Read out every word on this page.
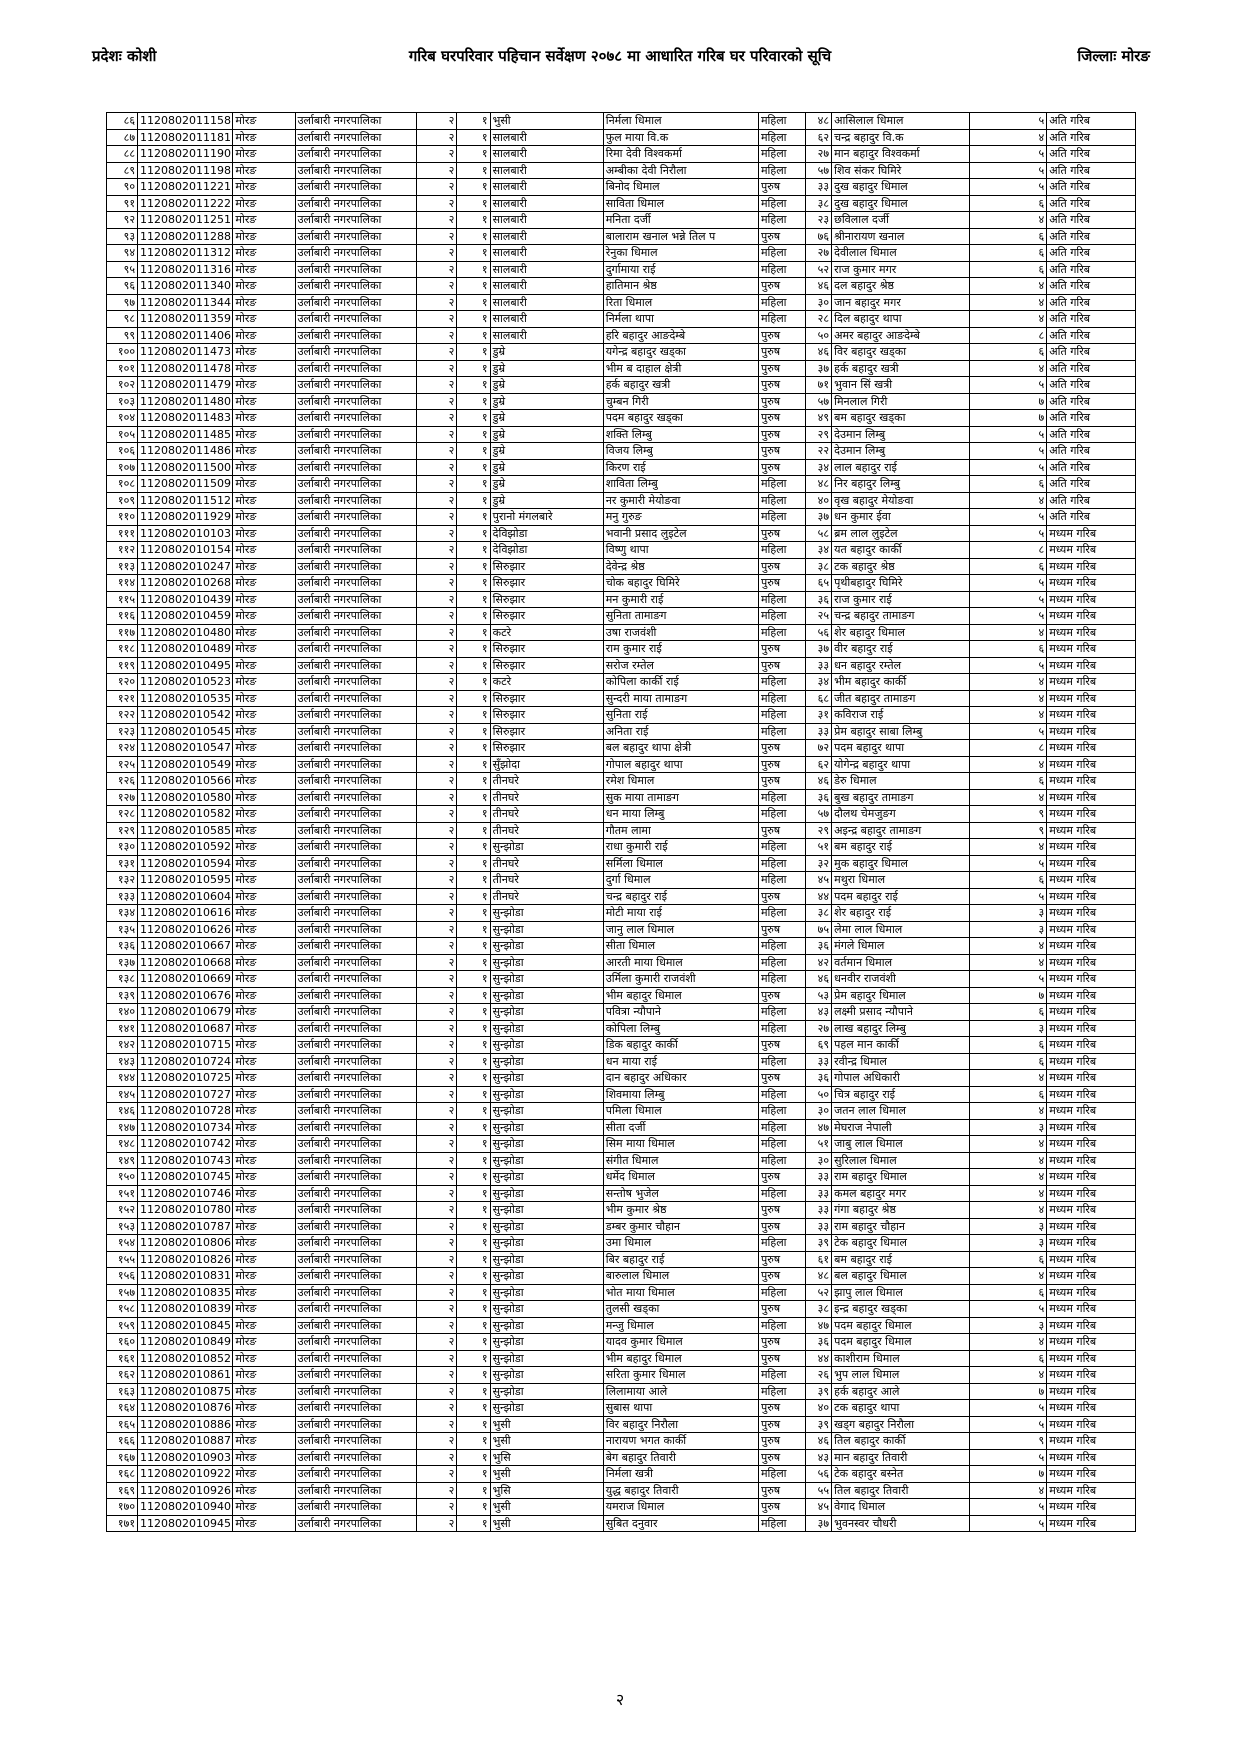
गरिब घरपरिवार पहिचान सर्वेक्षण २०७८ मा आधारित गरिब घर परिवारको सूचि
प्रदेशः कोशी	जिल्लाः मोरङ
८६	1120802011158	मोरङ	उर्लाबारी नगरपालिका	२	१	भुसी	निर्मला धिमाल	महिला	४८	आसिलाल धिमाल	५	अति गरिब
८७	1120802011181	मोरङ	उर्लाबारी नगरपालिका	२	१	सालबारी	फुल माया वि.क	महिला	६२	चन्द्र बहादुर वि.क	४	अति गरिब
८८	1120802011190	मोरङ	उर्लाबारी नगरपालिका	२	१	सालबारी	रिमा देवी विश्वकर्मा	महिला	२७	मान बहादुर विश्वकर्मा	५	अति गरिब
८९	1120802011198	मोरङ	उर्लाबारी नगरपालिका	२	१	सालबारी	अम्बीका देवी निरौला	महिला	५७	शिव संकर घिमिरे	५	अति गरिब
९०	1120802011221	मोरङ	उर्लाबारी नगरपालिका	२	१	सालबारी	बिनोद धिमाल	पुरुष	३३	दुख बहादुर धिमाल	५	अति गरिब
९१	1120802011222	मोरङ	उर्लाबारी नगरपालिका	२	१	सालबारी	साविता धिमाल	महिला	३८	दुख बहादुर धिमाल	६	अति गरिब
९२	1120802011251	मोरङ	उर्लाबारी नगरपालिका	२	१	सालबारी	मनिता दर्जी	महिला	२३	छविलाल दर्जी	४	अति गरिब
९३	1120802011288	मोरङ	उर्लाबारी नगरपालिका	२	१	सालबारी	बालाराम खनाल भन्ने तिल प	पुरुष	७६	श्रीनारायण खनाल	६	अति गरिब
९४	1120802011312	मोरङ	उर्लाबारी नगरपालिका	२	१	सालबारी	रेनुका धिमाल	महिला	२७	देवीलाल धिमाल	६	अति गरिब
९५	1120802011316	मोरङ	उर्लाबारी नगरपालिका	२	१	सालबारी	दुर्गामाया राई	महिला	५२	राज कुमार मगर	६	अति गरिब
९६	1120802011340	मोरङ	उर्लाबारी नगरपालिका	२	१	सालबारी	हातिमान श्रेष्ठ	पुरुष	४६	दल बहादुर श्रेष्ठ	४	अति गरिब
९७	1120802011344	मोरङ	उर्लाबारी नगरपालिका	२	१	सालबारी	रिता धिमाल	महिला	३०	जान बहादुर मगर	४	अति गरिब
९८	1120802011359	मोरङ	उर्लाबारी नगरपालिका	२	१	सालबारी	निर्मला थापा	महिला	२८	दिल बहादुर थापा	४	अति गरिब
९९	1120802011406	मोरङ	उर्लाबारी नगरपालिका	२	१	सालबारी	हरि बहादुर आङदेम्बे	पुरुष	५०	अमर बहादुर आङदेम्बे	८	अति गरिब
१००	1120802011473	मोरङ	उर्लाबारी नगरपालिका	२	१	डुम्रे	यगेन्द्र बहादुर खड्का	पुरुष	४६	विर बहादुर खड्का	६	अति गरिब
१०१	1120802011478	मोरङ	उर्लाबारी नगरपालिका	२	१	डुम्रे	भीम ब दाहाल क्षेत्री	पुरुष	३७	हर्क बहादुर खत्री	४	अति गरिब
१०२	1120802011479	मोरङ	उर्लाबारी नगरपालिका	२	१	डुम्रे	हर्क बहादुर खत्री	पुरुष	७१	भुवान सिं खत्री	५	अति गरिब
१०३	1120802011480	मोरङ	उर्लाबारी नगरपालिका	२	१	डुम्रे	चुम्बन गिरी	पुरुष	५७	मिनलाल गिरी	७	अति गरिब
१०४	1120802011483	मोरङ	उर्लाबारी नगरपालिका	२	१	डुम्रे	पदम बहादुर खड्का	पुरुष	४९	बम बहादुर खड्का	७	अति गरिब
१०५	1120802011485	मोरङ	उर्लाबारी नगरपालिका	२	१	डुम्रे	शक्ति लिम्बु	पुरुष	२९	देउमान लिम्बु	५	अति गरिब
१०६	1120802011486	मोरङ	उर्लाबारी नगरपालिका	२	१	डुम्रे	विजय लिम्बु	पुरुष	२२	देउमान लिम्बु	५	अति गरिब
१०७	1120802011500	मोरङ	उर्लाबारी नगरपालिका	२	१	डुम्रे	किरण राई	पुरुष	३४	लाल बहादुर राई	५	अति गरिब
१०८	1120802011509	मोरङ	उर्लाबारी नगरपालिका	२	१	डुम्रे	शाविता लिम्बु	महिला	४८	निर बहादुर लिम्बु	६	अति गरिब
१०९	1120802011512	मोरङ	उर्लाबारी नगरपालिका	२	१	डुम्रे	नर कुमारी मेयोङवा	महिला	४०	वृख बहादुर मेयोङवा	४	अति गरिब
११०	1120802011929	मोरङ	उर्लाबारी नगरपालिका	२	१	पुरानो मंगलबारे	मनु गुरुङ	महिला	३७	धन कुमार ईवा	५	अति गरिब
१११	1120802010103	मोरङ	उर्लाबारी नगरपालिका	२	१	देविझोडा	भवानी प्रसाद लुइटेल	पुरुष	५८	ब्रम लाल लुइटेल	५	मध्यम गरिब
११२	1120802010154	मोरङ	उर्लाबारी नगरपालिका	२	१	देविझोडा	विष्णु थापा	महिला	३४	यत बहादुर कार्की	८	मध्यम गरिब
११३	1120802010247	मोरङ	उर्लाबारी नगरपालिका	२	१	सिरुझार	देवेन्द्र श्रेष्ठ	पुरुष	३८	टक बहादुर श्रेष्ठ	६	मध्यम गरिब
११४	1120802010268	मोरङ	उर्लाबारी नगरपालिका	२	१	सिरुझार	चोक बहादुर घिमिरे	पुरुष	६५	पृथीबहादुर घिमिरे	५	मध्यम गरिब
११५	1120802010439	मोरङ	उर्लाबारी नगरपालिका	२	१	सिरुझार	मन कुमारी राई	महिला	३६	राज कुमार राई	५	मध्यम गरिब
११६	1120802010459	मोरङ	उर्लाबारी नगरपालिका	२	१	सिरुझार	सुनिता तामाङग	महिला	२५	चन्द्र बहादुर तामाङग	५	मध्यम गरिब
११७	1120802010480	मोरङ	उर्लाबारी नगरपालिका	२	१	कटरे	उषा राजवंशी	महिला	५६	शेर बहादुर धिमाल	४	मध्यम गरिब
११८	1120802010489	मोरङ	उर्लाबारी नगरपालिका	२	१	सिरुझार	राम कुमार राई	पुरुष	३७	वीर बहादुर राई	६	मध्यम गरिब
११९	1120802010495	मोरङ	उर्लाबारी नगरपालिका	२	१	सिरुझार	सरोज रम्तेल	पुरुष	३३	धन बहादुर रम्तेल	५	मध्यम गरिब
१२०	1120802010523	मोरङ	उर्लाबारी नगरपालिका	२	१	कटरे	कोपिला कार्की राई	महिला	३४	भीम बहादुर कार्की	४	मध्यम गरिब
१२१	1120802010535	मोरङ	उर्लाबारी नगरपालिका	२	१	सिरुझार	सुन्दरी माया तामाङग	महिला	६८	जीत बहादुर तामाङग	४	मध्यम गरिब
१२२	1120802010542	मोरङ	उर्लाबारी नगरपालिका	२	१	सिरुझार	सुनिता राई	महिला	३१	कविराज राई	४	मध्यम गरिब
१२३	1120802010545	मोरङ	उर्लाबारी नगरपालिका	२	१	सिरुझार	अनिता राई	महिला	३३	प्रेम बहादुर साबा लिम्बु	५	मध्यम गरिब
१२४	1120802010547	मोरङ	उर्लाबारी नगरपालिका	२	१	सिरुझार	बल बहादुर थापा क्षेत्री	पुरुष	७२	पदम बहादुर थापा	८	मध्यम गरिब
१२५	1120802010549	मोरङ	उर्लाबारी नगरपालिका	२	१	सुँझोदा	गोपाल बहादुर थापा	पुरुष	६२	योगेन्द्र बहादुर थापा	४	मध्यम गरिब
१२६	1120802010566	मोरङ	उर्लाबारी नगरपालिका	२	१	तीनघरे	रमेश धिमाल	पुरुष	४६	डेरु धिमाल	६	मध्यम गरिब
१२७	1120802010580	मोरङ	उर्लाबारी नगरपालिका	२	१	तीनघरे	सुक माया तामाङग	महिला	३६	बुख बहादुर तामाङग	४	मध्यम गरिब
१२८	1120802010582	मोरङ	उर्लाबारी नगरपालिका	२	१	तीनघरे	धन माया लिम्बु	महिला	५७	दौलथ चेमजुङग	९	मध्यम गरिब
१२९	1120802010585	मोरङ	उर्लाबारी नगरपालिका	२	१	तीनघरे	गौतम लामा	पुरुष	२९	अइन्द्र बहादुर तामाङग	९	मध्यम गरिब
१३०	1120802010592	मोरङ	उर्लाबारी नगरपालिका	२	१	सुन्झोडा	राधा कुमारी राई	महिला	५१	बम बहादुर राई	४	मध्यम गरिब
१३१	1120802010594	मोरङ	उर्लाबारी नगरपालिका	२	१	तीनघरे	सर्मिला धिमाल	महिला	३२	मुक बहादुर धिमाल	५	मध्यम गरिब
१३२	1120802010595	मोरङ	उर्लाबारी नगरपालिका	२	१	तीनघरे	दुर्गा धिमाल	महिला	४५	मथुरा धिमाल	६	मध्यम गरिब
१३३	1120802010604	मोरङ	उर्लाबारी नगरपालिका	२	१	तीनघरे	चन्द्र बहादुर राई	पुरुष	४४	पदम बहादुर राई	५	मध्यम गरिब
१३४	1120802010616	मोरङ	उर्लाबारी नगरपालिका	२	१	सुन्झोडा	मोटी माया राई	महिला	३८	शेर बहादुर राई	३	मध्यम गरिब
१३५	1120802010626	मोरङ	उर्लाबारी नगरपालिका	२	१	सुन्झोडा	जानु लाल धिमाल	पुरुष	७५	लेमा लाल धिमाल	३	मध्यम गरिब
१३६	1120802010667	मोरङ	उर्लाबारी नगरपालिका	२	१	सुन्झोडा	सीता धिमाल	महिला	३६	मंगले धिमाल	४	मध्यम गरिब
१३७	1120802010668	मोरङ	उर्लाबारी नगरपालिका	२	१	सुन्झोडा	आरती माया धिमाल	महिला	४२	वर्तमान धिमाल	४	मध्यम गरिब
१३८	1120802010669	मोरङ	उर्लाबारी नगरपालिका	२	१	सुन्झोडा	उर्मिला कुमारी राजवंशी	महिला	४६	धनवीर राजवंशी	५	मध्यम गरिब
१३९	1120802010676	मोरङ	उर्लाबारी नगरपालिका	२	१	सुन्झोडा	भीम बहादुर धिमाल	पुरुष	५३	प्रेम बहादुर धिमाल	७	मध्यम गरिब
१४०	1120802010679	मोरङ	उर्लाबारी नगरपालिका	२	१	सुन्झोडा	पवित्रा न्यौपाने	महिला	४३	लक्ष्मी प्रसाद न्यौपाने	६	मध्यम गरिब
१४१	1120802010687	मोरङ	उर्लाबारी नगरपालिका	२	१	सुन्झोडा	कोपिला लिम्बु	महिला	२७	लाख बहादुर लिम्बु	३	मध्यम गरिब
१४२	1120802010715	मोरङ	उर्लाबारी नगरपालिका	२	१	सुन्झोडा	डिक बहादुर कार्की	पुरुष	६९	पहल मान कार्की	६	मध्यम गरिब
१४३	1120802010724	मोरङ	उर्लाबारी नगरपालिका	२	१	सुन्झोडा	धन माया राई	महिला	३३	रवीन्द्र धिमाल	६	मध्यम गरिब
१४४	1120802010725	मोरङ	उर्लाबारी नगरपालिका	२	१	सुन्झोडा	दान बहादुर अधिकार	पुरुष	३६	गोपाल अधिकारी	४	मध्यम गरिब
१४५	1120802010727	मोरङ	उर्लाबारी नगरपालिका	२	१	सुन्झोडा	शिवमाया लिम्बु	महिला	५०	चित्र बहादुर राई	६	मध्यम गरिब
१४६	1120802010728	मोरङ	उर्लाबारी नगरपालिका	२	१	सुन्झोडा	पमिला धिमाल	महिला	३०	जतन लाल धिमाल	४	मध्यम गरिब
१४७	1120802010734	मोरङ	उर्लाबारी नगरपालिका	२	१	सुन्झोडा	सीता दर्जी	महिला	४७	मेघराज नेपाली	३	मध्यम गरिब
१४८	1120802010742	मोरङ	उर्लाबारी नगरपालिका	२	१	सुन्झोडा	सिम माया धिमाल	महिला	५१	जाबु लाल धिमाल	४	मध्यम गरिब
१४९	1120802010743	मोरङ	उर्लाबारी नगरपालिका	२	१	सुन्झोडा	संगीत धिमाल	महिला	३०	सुरिलाल धिमाल	४	मध्यम गरिब
१५०	1120802010745	मोरङ	उर्लाबारी नगरपालिका	२	१	सुन्झोडा	धर्मेद धिमाल	पुरुष	३३	राम बहादुर धिमाल	४	मध्यम गरिब
१५१	1120802010746	मोरङ	उर्लाबारी नगरपालिका	२	१	सुन्झोडा	सन्तोष भुजेल	महिला	३३	कमल बहादुर मगर	४	मध्यम गरिब
१५२	1120802010780	मोरङ	उर्लाबारी नगरपालिका	२	१	सुन्झोडा	भीम कुमार श्रेष्ठ	पुरुष	३३	गंगा बहादुर श्रेष्ठ	४	मध्यम गरिब
१५३	1120802010787	मोरङ	उर्लाबारी नगरपालिका	२	१	सुन्झोडा	डम्बर कुमार चौहान	पुरुष	३३	राम बहादुर चौहान	३	मध्यम गरिब
१५४	1120802010806	मोरङ	उर्लाबारी नगरपालिका	२	१	सुन्झोडा	उमा धिमाल	महिला	३९	टेक बहादुर धिमाल	३	मध्यम गरिब
१५५	1120802010826	मोरङ	उर्लाबारी नगरपालिका	२	१	सुन्झोडा	बिर बहादुर राई	पुरुष	६१	बम बहादुर राई	६	मध्यम गरिब
१५६	1120802010831	मोरङ	उर्लाबारी नगरपालिका	२	१	सुन्झोडा	बारुलाल धिमाल	पुरुष	४८	बल बहादुर धिमाल	४	मध्यम गरिब
१५७	1120802010835	मोरङ	उर्लाबारी नगरपालिका	२	१	सुन्झोडा	भोत माया धिमाल	महिला	५२	झापु लाल धिमाल	६	मध्यम गरिब
१५८	1120802010839	मोरङ	उर्लाबारी नगरपालिका	२	१	सुन्झोडा	तुलसी खड्का	पुरुष	३८	इन्द्र बहादुर खड्का	५	मध्यम गरिब
१५९	1120802010845	मोरङ	उर्लाबारी नगरपालिका	२	१	सुन्झोडा	मन्जु धिमाल	महिला	४७	पदम बहादुर धिमाल	३	मध्यम गरिब
१६०	1120802010849	मोरङ	उर्लाबारी नगरपालिका	२	१	सुन्झोडा	यादव कुमार धिमाल	पुरुष	३६	पदम बहादुर धिमाल	४	मध्यम गरिब
१६१	1120802010852	मोरङ	उर्लाबारी नगरपालिका	२	१	सुन्झोडा	भीम बहादुर धिमाल	पुरुष	४४	काशीराम धिमाल	६	मध्यम गरिब
१६२	1120802010861	मोरङ	उर्लाबारी नगरपालिका	२	१	सुन्झोडा	सरिता कुमार धिमाल	महिला	२६	भुप लाल धिमाल	४	मध्यम गरिब
१६३	1120802010875	मोरङ	उर्लाबारी नगरपालिका	२	१	सुन्झोडा	लिलामाया आले	महिला	३९	हर्क बहादुर आले	७	मध्यम गरिब
१६४	1120802010876	मोरङ	उर्लाबारी नगरपालिका	२	१	सुन्झोडा	सुबास थापा	पुरुष	४०	टक बहादुर थापा	५	मध्यम गरिब
१६५	1120802010886	मोरङ	उर्लाबारी नगरपालिका	२	१	भुसी	विर बहादुर निरौला	पुरुष	३९	खड्ग बहादुर निरौला	५	मध्यम गरिब
१६६	1120802010887	मोरङ	उर्लाबारी नगरपालिका	२	१	भुसी	नारायण भगत कार्की	पुरुष	४६	तिल बहादुर कार्की	९	मध्यम गरिब
१६७	1120802010903	मोरङ	उर्लाबारी नगरपालिका	२	१	भुसि	बेग बहादुर तिवारी	पुरुष	४३	मान बहादुर तिवारी	५	मध्यम गरिब
१६८	1120802010922	मोरङ	उर्लाबारी नगरपालिका	२	१	भुसी	निर्मला खत्री	महिला	५६	टेक बहादुर बस्नेत	७	मध्यम गरिब
१६९	1120802010926	मोरङ	उर्लाबारी नगरपालिका	२	१	भुसि	युद्ध बहादुर तिवारी	पुरुष	५५	तिल बहादुर तिवारी	४	मध्यम गरिब
१७०	1120802010940	मोरङ	उर्लाबारी नगरपालिका	२	१	भुसी	यमराज धिमाल	पुरुष	४५	वेगाद धिमाल	५	मध्यम गरिब
१७१	1120802010945	मोरङ	उर्लाबारी नगरपालिका	२	१	भुसी	सुबित दनुवार	महिला	३७	भुवनस्वर चौधरी	५	मध्यम गरिब
२
